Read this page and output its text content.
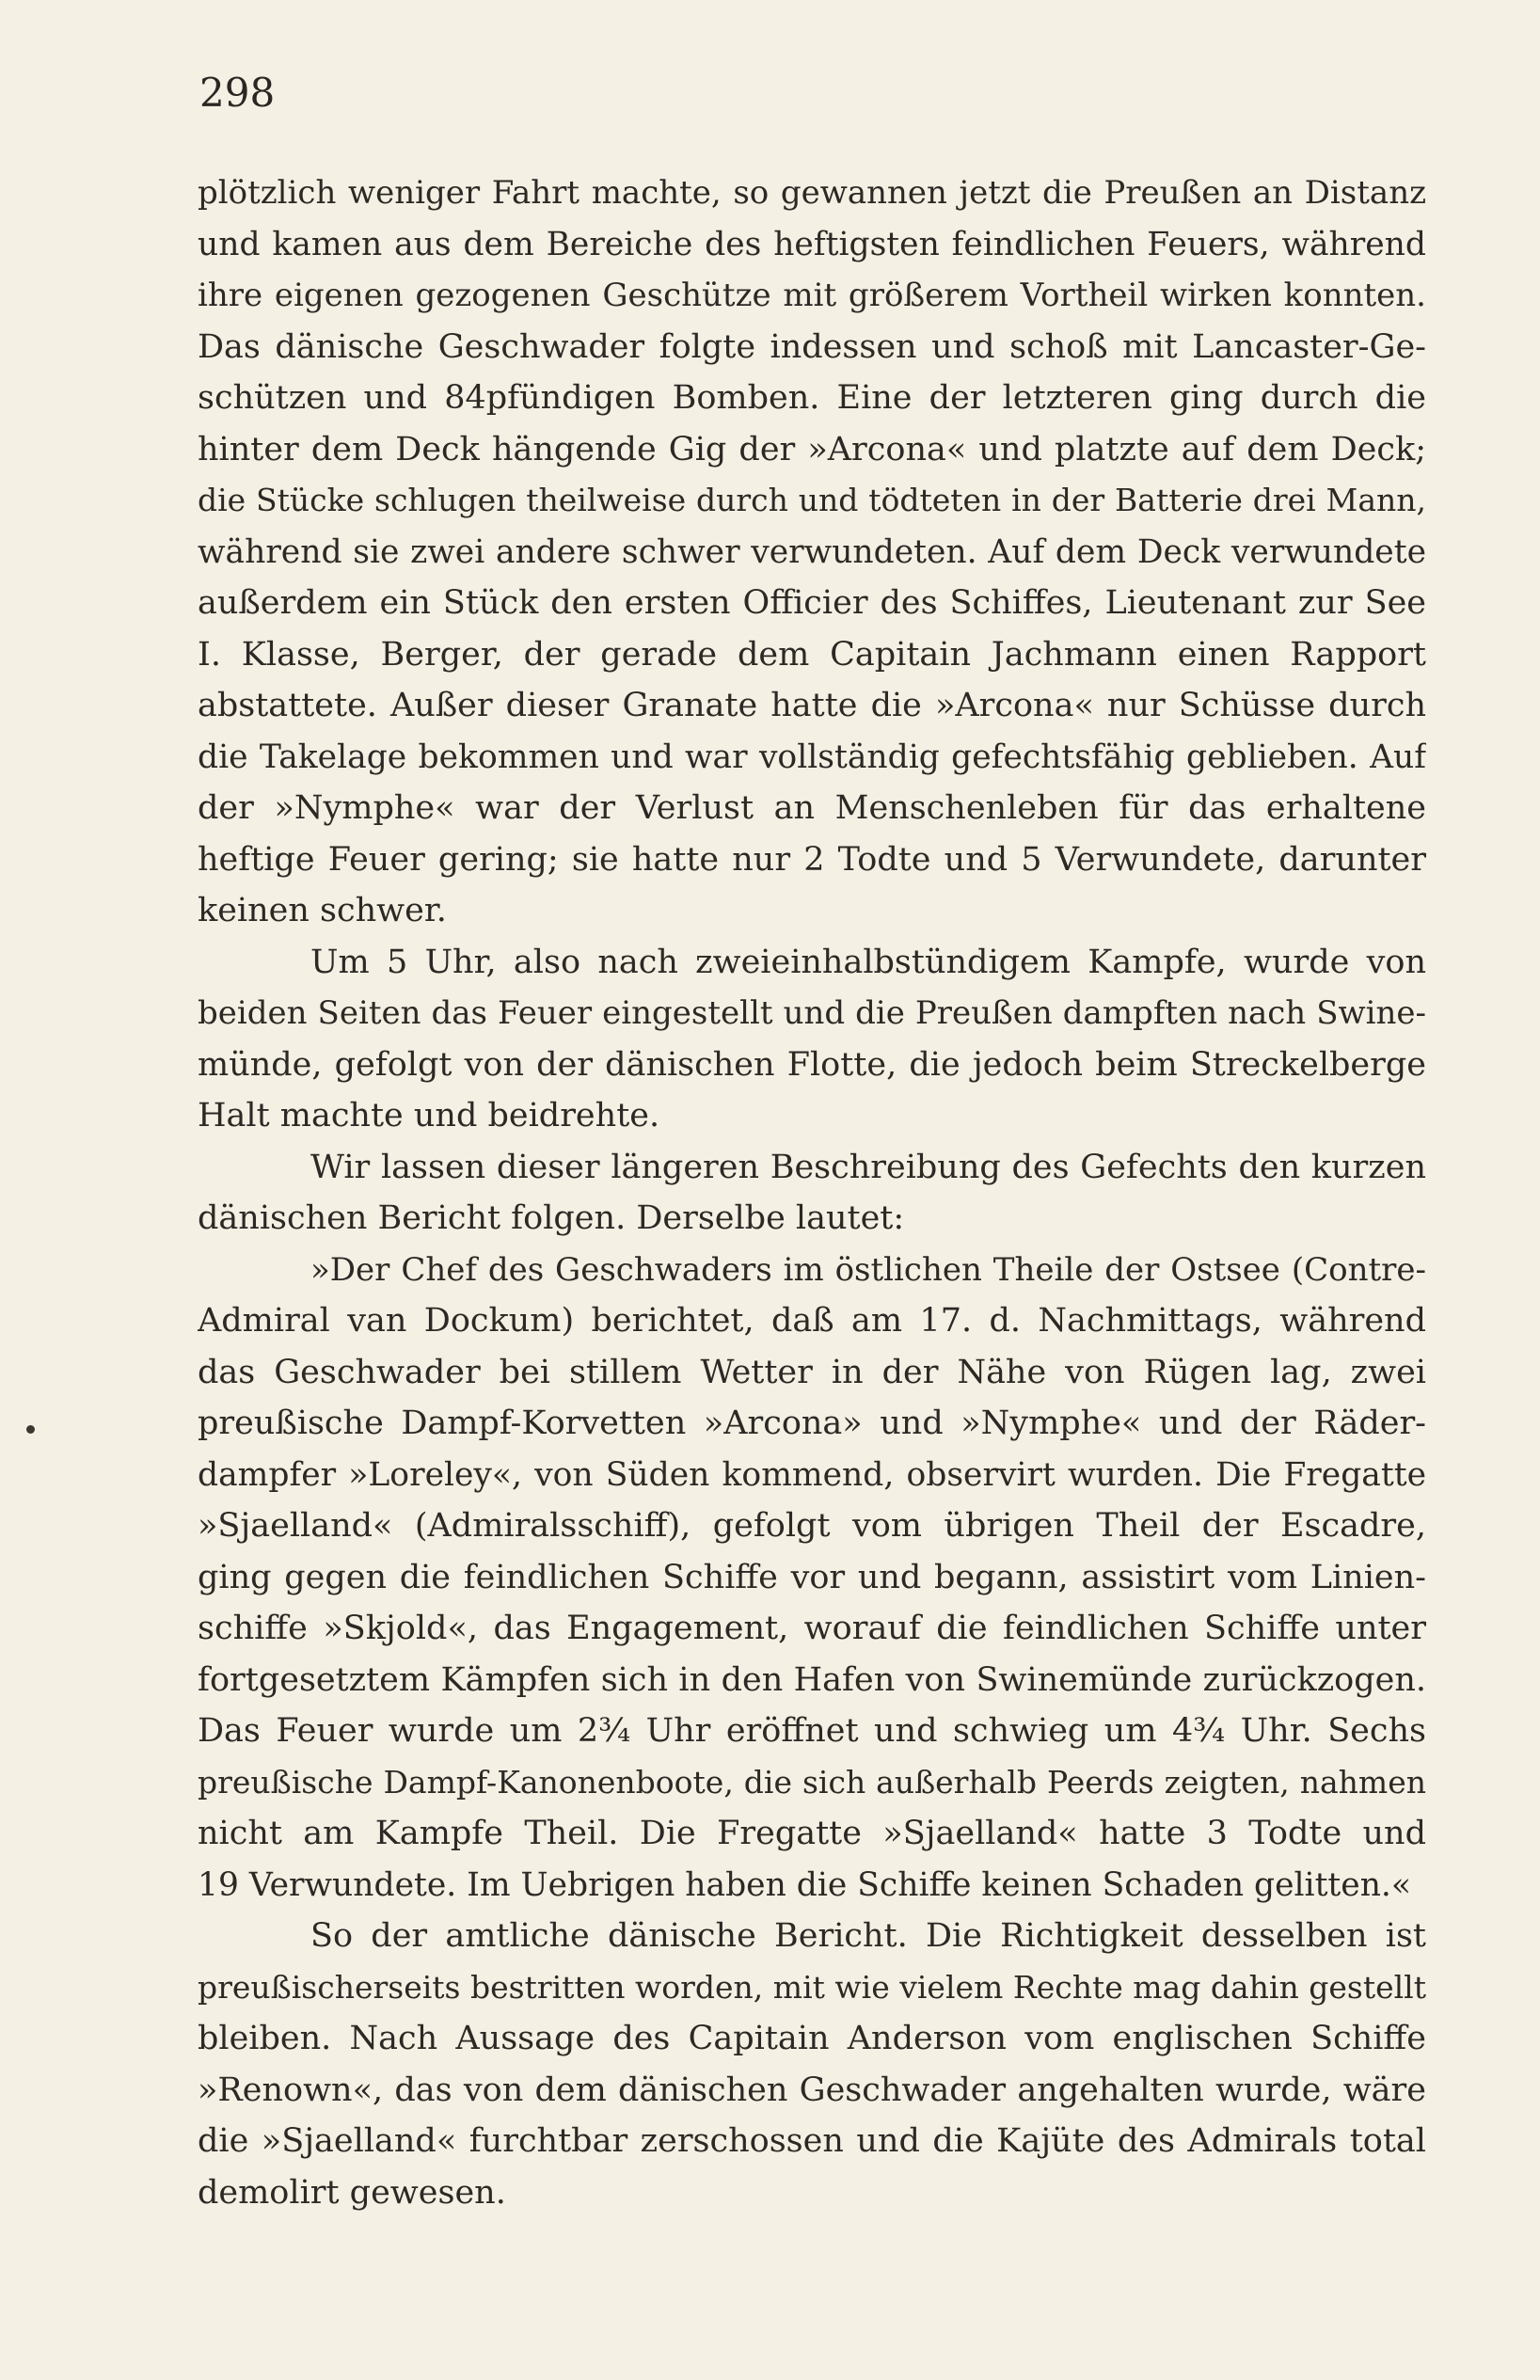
298
plötzlich weniger Fahrt machte, so gewannen jetzt die Preußen an Distanz
und kamen aus dem Bereiche des heftigsten feindlichen Feuers, während
ihre eigenen gezogenen Geschütze mit größerem Vortheil wirken konnten.
Das dänische Geschwader folgte indessen und schoß mit Lancaster-Ge-
schützen und 84pfündigen Bomben. Eine der letzteren ging durch die
hinter dem Deck hängende Gig der »Arcona« und platzte auf dem Deck;
die Stücke schlugen theilweise durch und tödteten in der Batterie drei Mann,
während sie zwei andere schwer verwundeten. Auf dem Deck verwundete
außerdem ein Stück den ersten Officier des Schiffes, Lieutenant zur See
I. Klasse, Berger, der gerade dem Capitain Jachmann einen Rapport
abstattete. Außer dieser Granate hatte die »Arcona« nur Schüsse durch
die Takelage bekommen und war vollständig gefechtsfähig geblieben. Auf
der »Nymphe« war der Verlust an Menschenleben für das erhaltene
heftige Feuer gering; sie hatte nur 2 Todte und 5 Verwundete, darunter
keinen schwer.
Um 5 Uhr, also nach zweieinhalbstündigem Kampfe, wurde von
beiden Seiten das Feuer eingestellt und die Preußen dampften nach Swine-
münde, gefolgt von der dänischen Flotte, die jedoch beim Streckelberge
Halt machte und beidrehte.
Wir lassen dieser längeren Beschreibung des Gefechts den kurzen
dänischen Bericht folgen. Derselbe lautet:
»Der Chef des Geschwaders im östlichen Theile der Ostsee (Contre-
Admiral van Dockum) berichtet, daß am 17. d. Nachmittags, während
das Geschwader bei stillem Wetter in der Nähe von Rügen lag, zwei
preußische Dampf-Korvetten »Arcona» und »Nymphe« und der Räder-
dampfer »Loreley«, von Süden kommend, observirt wurden. Die Fregatte
»Sjaelland« (Admiralsschiff), gefolgt vom übrigen Theil der Escadre,
ging gegen die feindlichen Schiffe vor und begann, assistirt vom Linien-
schiffe »Skjold«, das Engagement, worauf die feindlichen Schiffe unter
fortgesetztem Kämpfen sich in den Hafen von Swinemünde zurückzogen.
Das Feuer wurde um 2¾ Uhr eröffnet und schwieg um 4¾ Uhr. Sechs
preußische Dampf-Kanonenboote, die sich außerhalb Peerds zeigten, nahmen
nicht am Kampfe Theil. Die Fregatte »Sjaelland« hatte 3 Todte und
19 Verwundete. Im Uebrigen haben die Schiffe keinen Schaden gelitten.«
So der amtliche dänische Bericht. Die Richtigkeit desselben ist
preußischerseits bestritten worden, mit wie vielem Rechte mag dahin gestellt
bleiben. Nach Aussage des Capitain Anderson vom englischen Schiffe
»Renown«, das von dem dänischen Geschwader angehalten wurde, wäre
die »Sjaelland« furchtbar zerschossen und die Kajüte des Admirals total
demolirt gewesen.
